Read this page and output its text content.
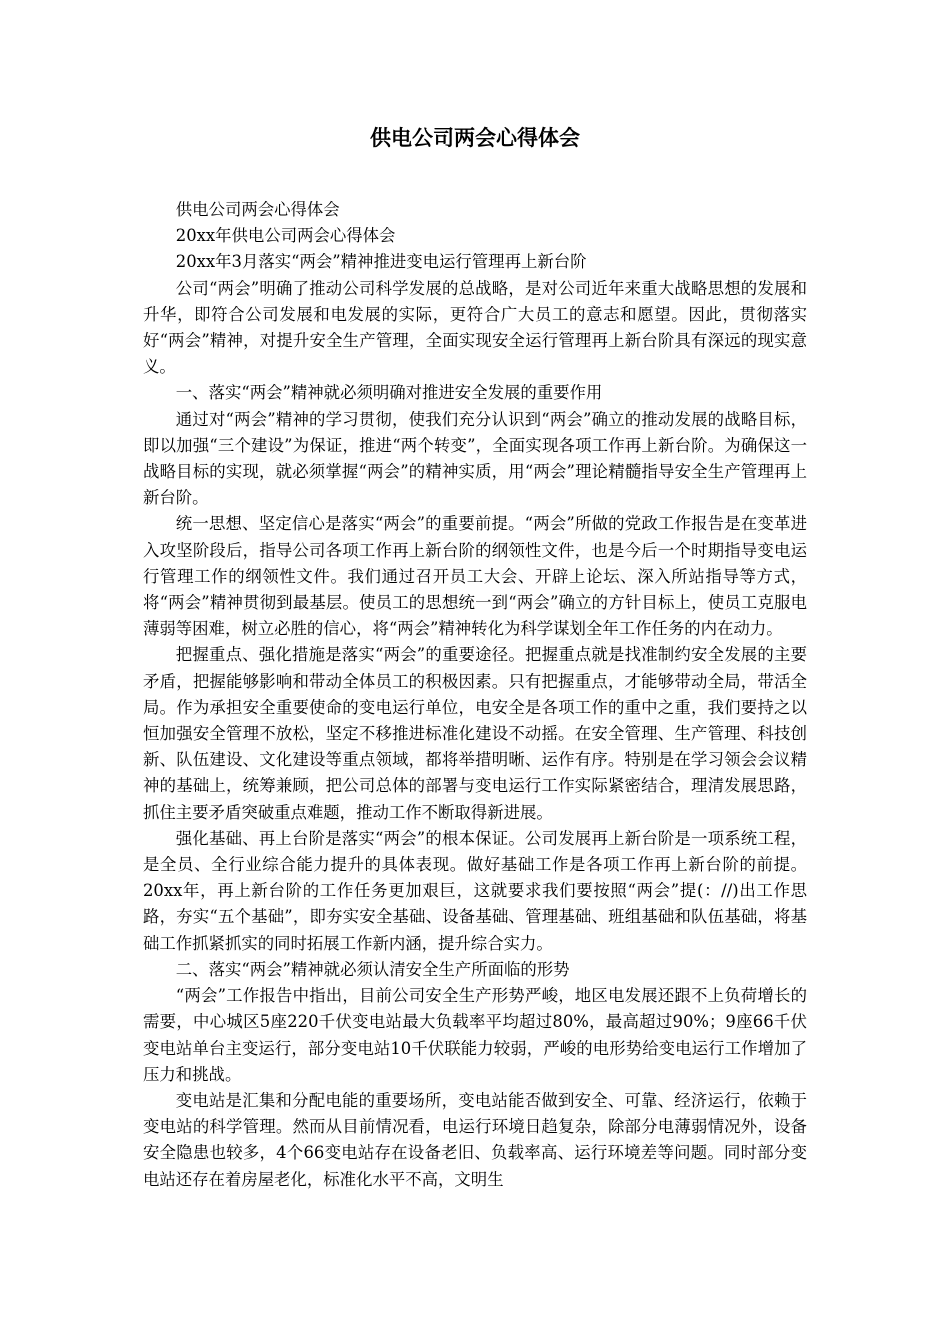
供电公司两会心得体会

供电公司两会心得体会

20xx年供电公司两会心得体会

20xx年3月落实“两会”精神推进变电运行管理再上新台阶

公司“两会”明确了推动公司科学发展的总战略，是对公司近年来重大战略思想的发展和升华，即符合公司发展和电发展的实际，更符合广大员工的意志和愿望。因此，贯彻落实好“两会”精神，对提升安全生产管理，全面实现安全运行管理再上新台阶具有深远的现实意义。

一、落实“两会”精神就必须明确对推进安全发展的重要作用

通过对“两会”精神的学习贯彻，使我们充分认识到“两会”确立的推动发展的战略目标，即以加强“三个建设”为保证，推进“两个转变”，全面实现各项工作再上新台阶。为确保这一战略目标的实现，就必须掌握“两会”的精神实质，用“两会”理论精髓指导安全生产管理再上新台阶。

统一思想、坚定信心是落实“两会”的重要前提。“两会”所做的党政工作报告是在变革进入攻坚阶段后，指导公司各项工作再上新台阶的纲领性文件，也是今后一个时期指导变电运行管理工作的纲领性文件。我们通过召开员工大会、开辟上论坛、深入所站指导等方式，将“两会”精神贯彻到最基层。使员工的思想统一到“两会”确立的方针目标上，使员工克服电薄弱等困难，树立必胜的信心，将“两会”精神转化为科学谋划全年工作任务的内在动力。

把握重点、强化措施是落实“两会”的重要途径。把握重点就是找准制约安全发展的主要矛盾，把握能够影响和带动全体员工的积极因素。只有把握重点，才能够带动全局，带活全局。作为承担安全重要使命的变电运行单位，电安全是各项工作的重中之重，我们要持之以恒加强安全管理不放松，坚定不移推进标准化建设不动摇。在安全管理、生产管理、科技创新、队伍建设、文化建设等重点领域，都将举措明晰、运作有序。特别是在学习领会会议精神的基础上，统筹兼顾，把公司总体的部署与变电运行工作实际紧密结合，理清发展思路，抓住主要矛盾突破重点难题，推动工作不断取得新进展。

强化基础、再上台阶是落实“两会”的根本保证。公司发展再上新台阶是一项系统工程，是全员、全行业综合能力提升的具体表现。做好基础工作是各项工作再上新台阶的前提。20xx年，再上新台阶的工作任务更加艰巨，这就要求我们要按照“两会”提(：//)出工作思路，夯实“五个基础”，即夯实安全基础、设备基础、管理基础、班组基础和队伍基础，将基础工作抓紧抓实的同时拓展工作新内涵，提升综合实力。

二、落实“两会”精神就必须认清安全生产所面临的形势

“两会”工作报告中指出，目前公司安全生产形势严峻，地区电发展还跟不上负荷增长的需要，中心城区5座220千伏变电站最大负载率平均超过80%，最高超过90%；9座66千伏变电站单台主变运行，部分变电站10千伏联能力较弱，严峻的电形势给变电运行工作增加了压力和挑战。

变电站是汇集和分配电能的重要场所，变电站能否做到安全、可靠、经济运行，依赖于变电站的科学管理。然而从目前情况看，电运行环境日趋复杂，除部分电薄弱情况外，设备安全隐患也较多，4个66变电站存在设备老旧、负载率高、运行环境差等问题。同时部分变电站还存在着房屋老化，标准化水平不高，文明生
